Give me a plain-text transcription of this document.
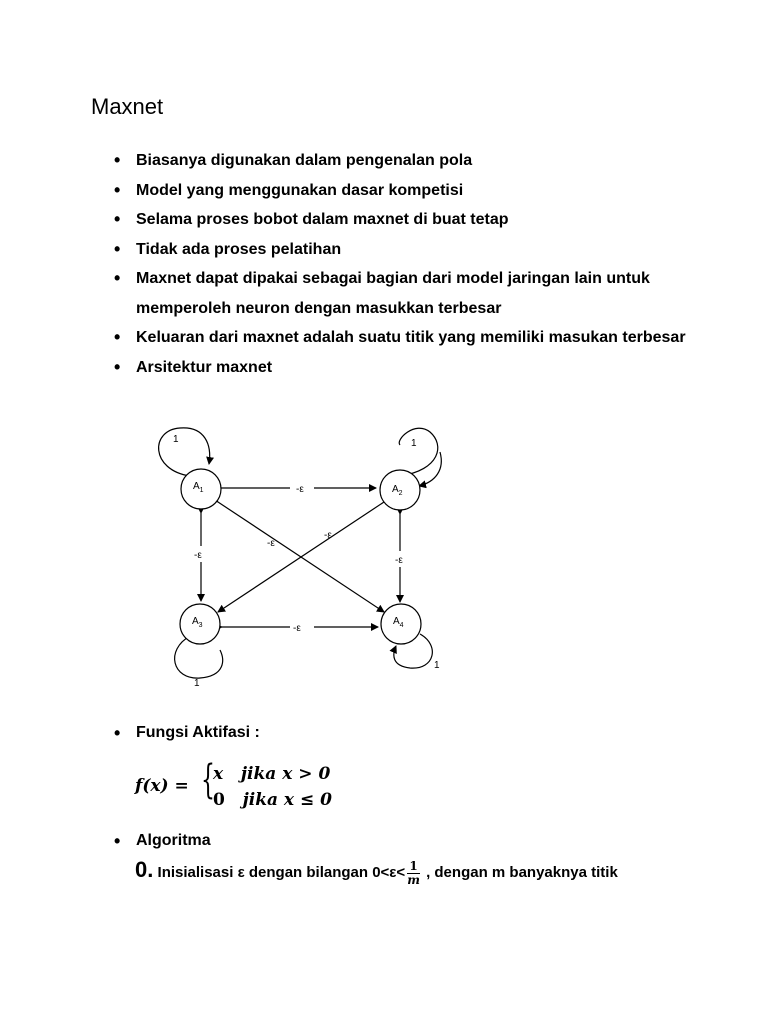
Maxnet
• Biasanya digunakan dalam pengenalan pola
• Model yang menggunakan dasar kompetisi
• Selama proses bobot dalam maxnet di buat tetap
• Tidak ada proses pelatihan
• Maxnet dapat dipakai sebagai bagian dari model jaringan lain untuk memperoleh neuron dengan masukkan terbesar
• Keluaran dari maxnet adalah suatu titik yang memiliki masukan terbesar
• Arsitektur maxnet
-ε
-ε
-ε	-ε
-ε
-ε
1	1
1
1
$A_1$	$A_2$
$A_3$	$A_4$
• Fungsi Aktifasi :
f(x) = {
x jika x > 0
0 jika x ≤ 0
• Algoritma
0. Inisialisasi ε dengan bilangan $0<\varepsilon< \frac{1}{m}$ , dengan m banyaknya titik
